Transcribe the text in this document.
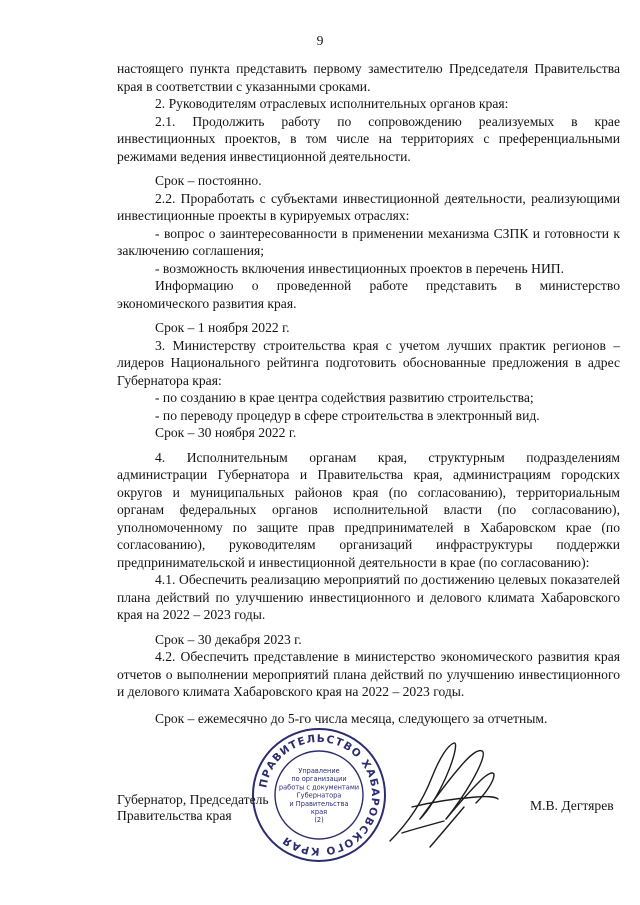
9

настоящего пункта представить первому заместителю Председателя Правительства края в соответствии с указанными сроками.

2. Руководителям отраслевых исполнительных органов края:

2.1. Продолжить работу по сопровождению реализуемых в крае инвестиционных проектов, в том числе на территориях с преференциальными режимами ведения инвестиционной деятельности.

Срок – постоянно.

2.2. Проработать с субъектами инвестиционной деятельности, реализующими инвестиционные проекты в курируемых отраслях:

- вопрос о заинтересованности в применении механизма СЗПК и готовности к заключению соглашения;

- возможность включения инвестиционных проектов в перечень НИП.

Информацию о проведенной работе представить в министерство экономического развития края.

Срок – 1 ноября 2022 г.

3. Министерству строительства края с учетом лучших практик регионов – лидеров Национального рейтинга подготовить обоснованные предложения в адрес Губернатора края:

- по созданию в крае центра содействия развитию строительства;

- по переводу процедур в сфере строительства в электронный вид.

Срок – 30 ноября 2022 г.

4. Исполнительным органам края, структурным подразделениям администрации Губернатора и Правительства края, администрациям городских округов и муниципальных районов края (по согласованию), территориальным органам федеральных органов исполнительной власти (по согласованию), уполномоченному по защите прав предпринимателей в Хабаровском крае (по согласованию), руководителям организаций инфраструктуры поддержки предпринимательской и инвестиционной деятельности в крае (по согласованию):

4.1. Обеспечить реализацию мероприятий по достижению целевых показателей плана действий по улучшению инвестиционного и делового климата Хабаровского края на 2022 – 2023 годы.

Срок – 30 декабря 2023 г.

4.2. Обеспечить представление в министерство экономического развития края отчетов о выполнении мероприятий плана действий по улучшению инвестиционного и делового климата Хабаровского края на 2022 – 2023 годы.

Срок – ежемесячно до 5-го числа месяца, следующего за отчетным.

ПРАВИТЕЛЬСТВО ХАБАРОВСКОГО КРАЯ
Управление
по организации
работы с документами
Губернатора
и Правительства
края
(2)
Губернатор, Председатель
Правительства края
М.В. Дегтярев
